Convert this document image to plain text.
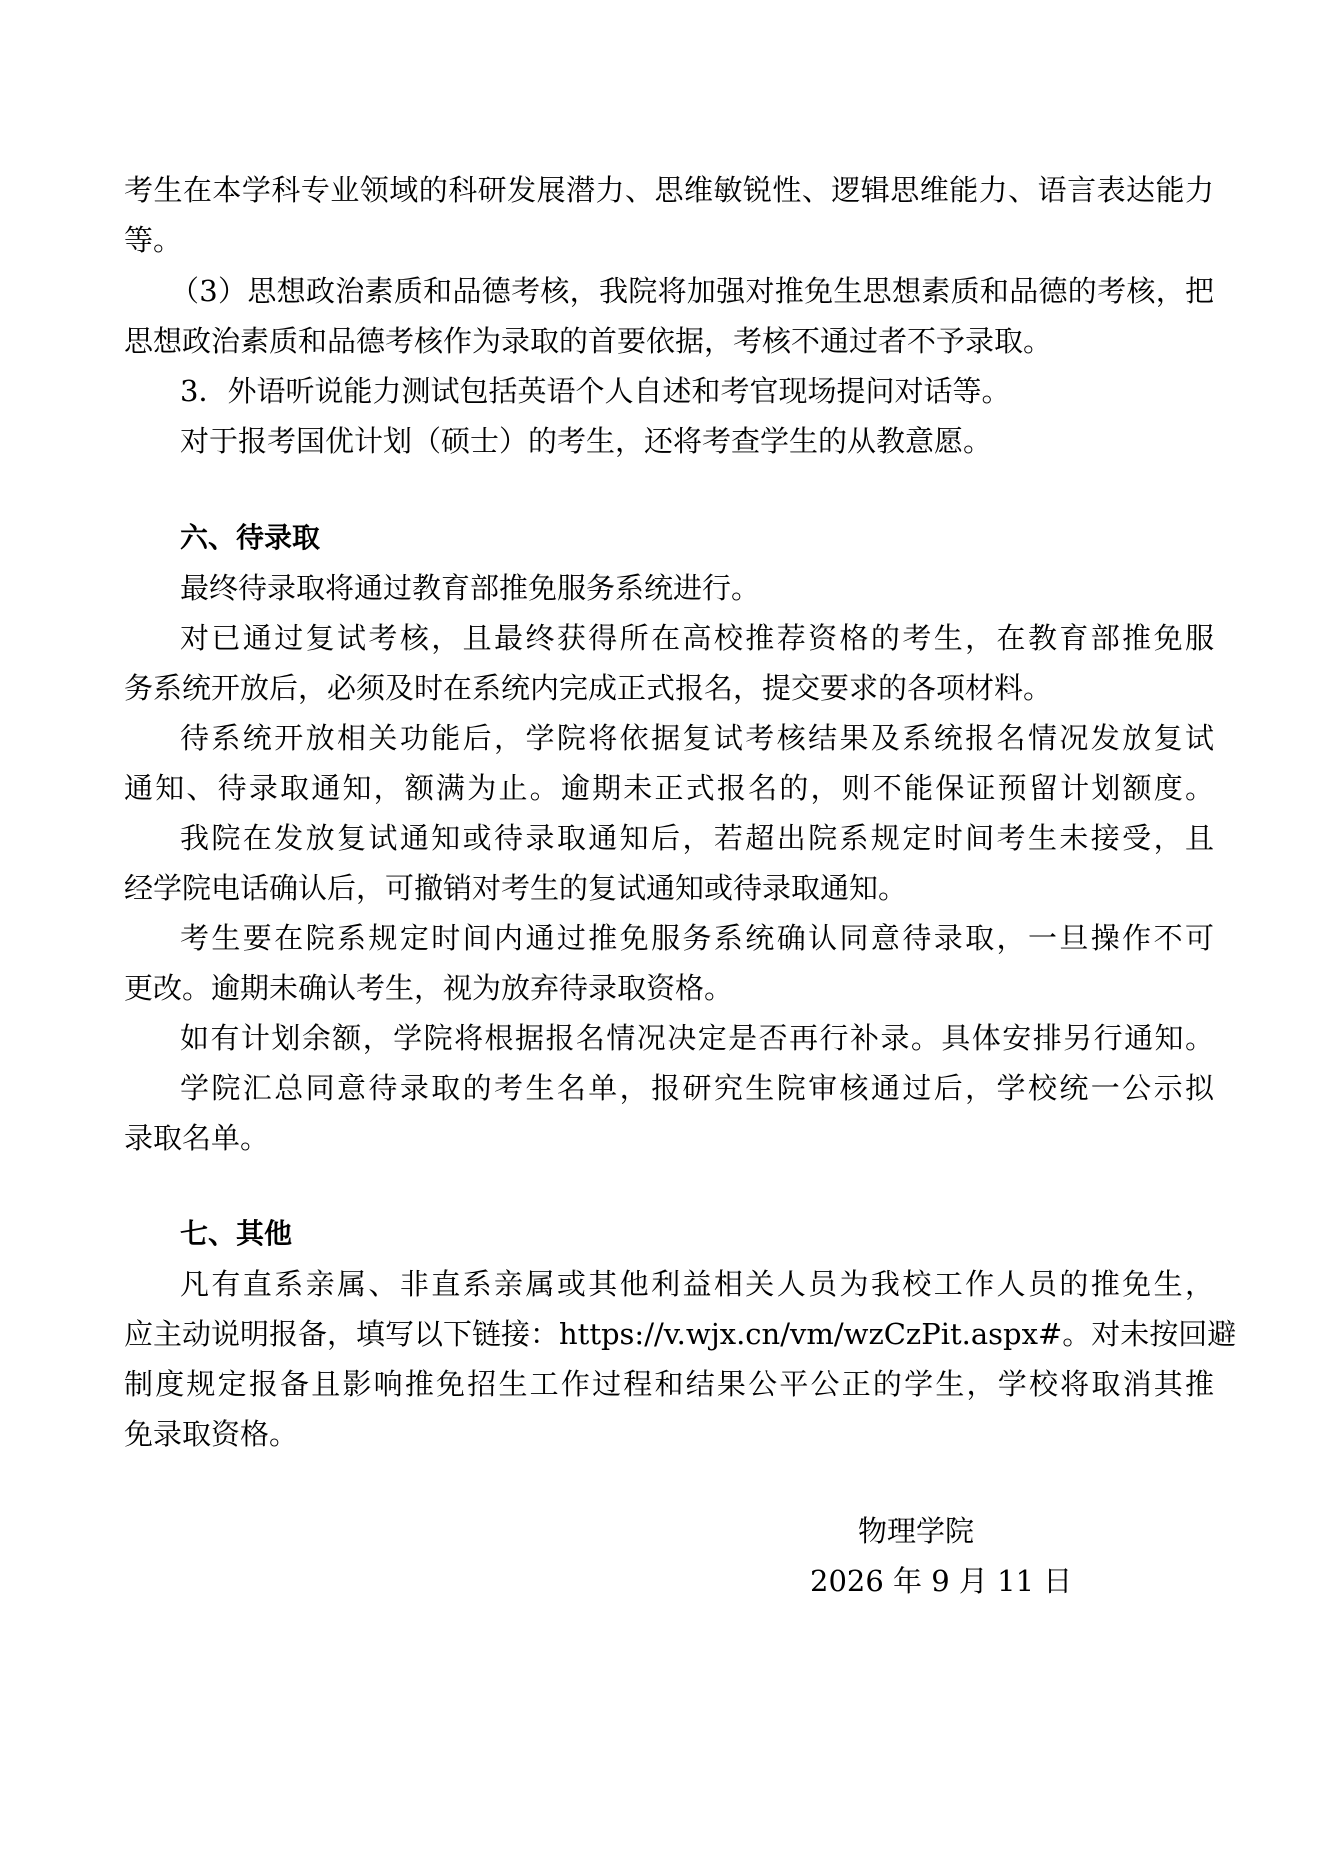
考生在本学科专业领域的科研发展潜力、思维敏锐性、逻辑思维能力、语言表达能力

等。

（3）思想政治素质和品德考核，我院将加强对推免生思想素质和品德的考核，把

思想政治素质和品德考核作为录取的首要依据，考核不通过者不予录取。

3．外语听说能力测试包括英语个人自述和考官现场提问对话等。

对于报考国优计划（硕士）的考生，还将考查学生的从教意愿。

六、待录取

最终待录取将通过教育部推免服务系统进行。

对已通过复试考核，且最终获得所在高校推荐资格的考生，在教育部推免服

务系统开放后，必须及时在系统内完成正式报名，提交要求的各项材料。

待系统开放相关功能后，学院将依据复试考核结果及系统报名情况发放复试

通知、待录取通知，额满为止。逾期未正式报名的，则不能保证预留计划额度。

我院在发放复试通知或待录取通知后，若超出院系规定时间考生未接受，且

经学院电话确认后，可撤销对考生的复试通知或待录取通知。

考生要在院系规定时间内通过推免服务系统确认同意待录取，一旦操作不可

更改。逾期未确认考生，视为放弃待录取资格。

如有计划余额，学院将根据报名情况决定是否再行补录。具体安排另行通知。

学院汇总同意待录取的考生名单，报研究生院审核通过后，学校统一公示拟

录取名单。

七、其他

凡有直系亲属、非直系亲属或其他利益相关人员为我校工作人员的推免生，

应主动说明报备，填写以下链接：https://v.wjx.cn/vm/wzCzPit.aspx#。对未按回避

制度规定报备且影响推免招生工作过程和结果公平公正的学生，学校将取消其推

免录取资格。

物理学院

2026 年 9 月 11 日
